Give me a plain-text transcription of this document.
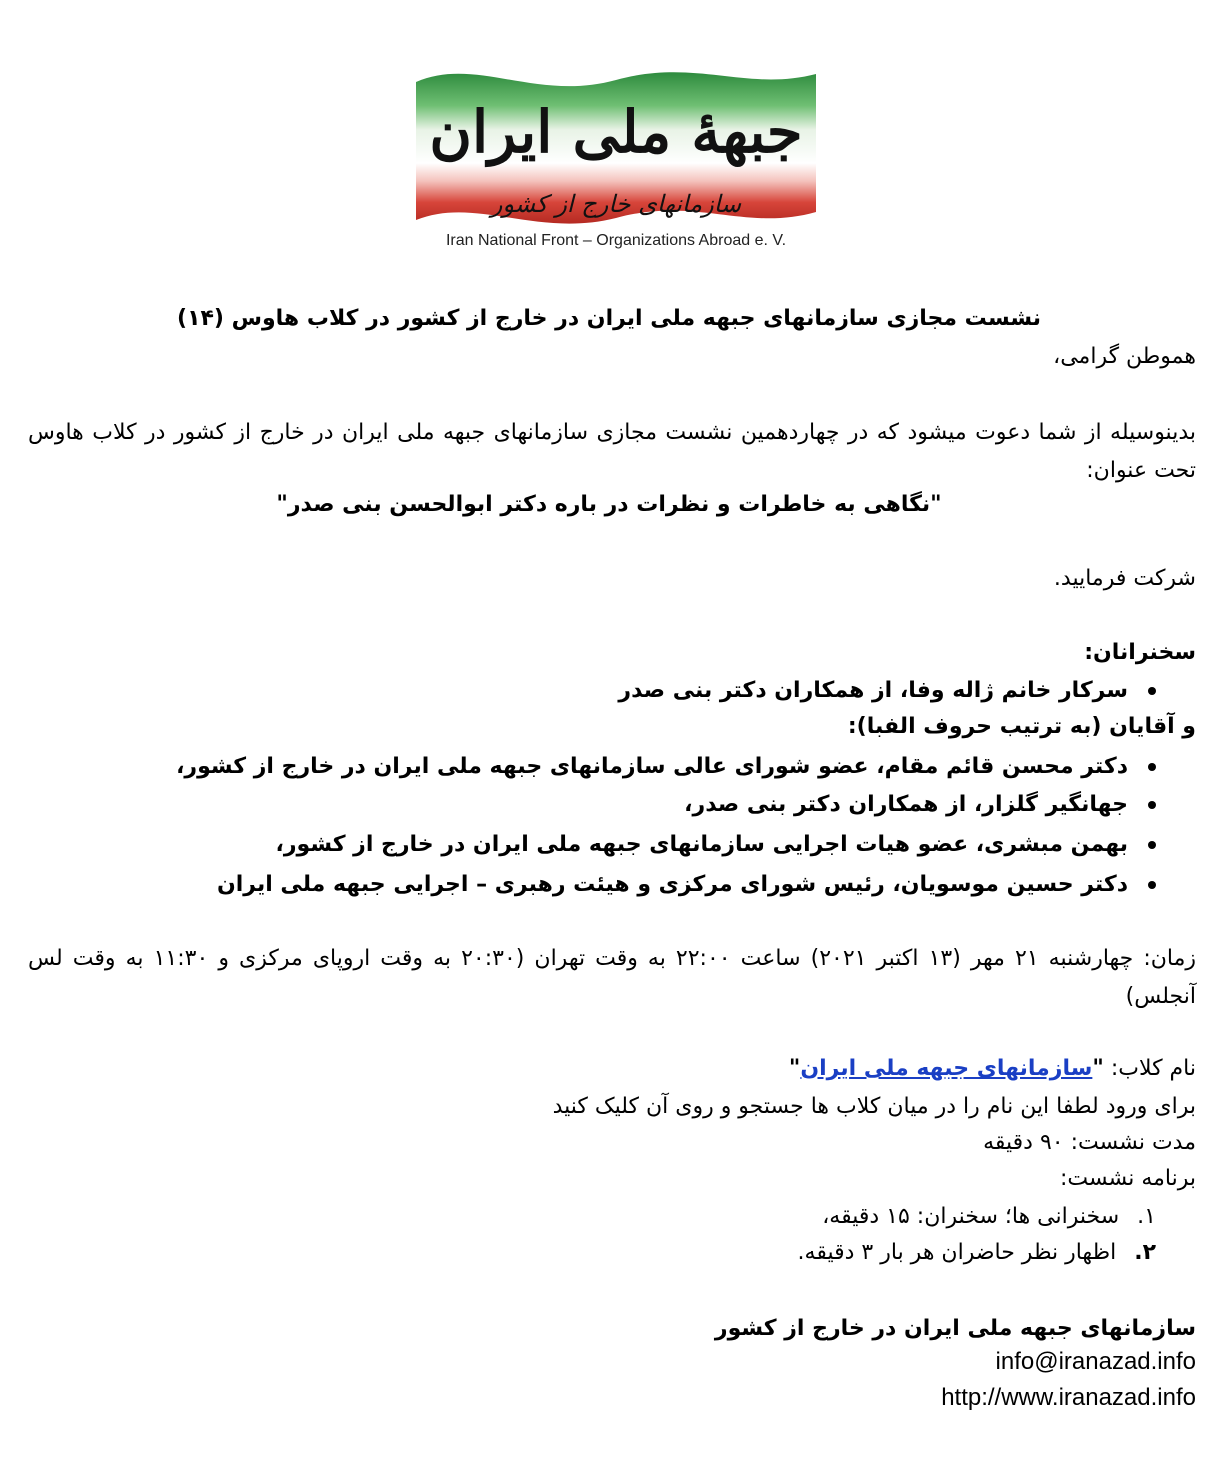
جبههٔ ملی ایران
سازمانهای خارج از کشور
Iran National Front – Organizations Abroad e. V.
نشست مجازی سازمانهای جبهه ملی ایران در خارج از کشور در کلاب هاوس (۱۴)
هموطن گرامی،
بدینوسیله از شما دعوت میشود که در چهاردهمین نشست مجازی سازمانهای جبهه ملی ایران در خارج از کشور در کلاب هاوس تحت عنوان:
"نگاهی به خاطرات و نظرات در باره دکتر ابوالحسن بنی صدر"
شرکت فرمایید.
سخنرانان:
سرکار خانم ژاله وفا، از همکاران دکتر بنی صدر
و آقایان (به ترتیب حروف الفبا):
دکتر محسن قائم مقام، عضو شورای عالی سازمانهای جبهه ملی ایران در خارج از کشور،
جهانگیر گلزار، از همکاران دکتر بنی صدر،
بهمن مبشری، عضو هیات اجرایی سازمانهای جبهه ملی ایران در خارج از کشور،
دکتر حسین موسویان، رئیس شورای مرکزی و هیئت رهبری – اجرایی جبهه ملی ایران
زمان: چهارشنبه ۲۱ مهر (۱۳ اکتبر ۲۰۲۱) ساعت ۲۲:۰۰ به وقت تهران (۲۰:۳۰ به وقت اروپای مرکزی و ۱۱:۳۰ به وقت لس آنجلس)
نام کلاب: "سازمانهای جبهه ملی ایران"
برای ورود لطفا این نام را در میان کلاب ها جستجو و روی آن کلیک کنید
مدت نشست: ۹۰ دقیقه
برنامه نشست:
۱.سخنرانی ها؛ سخنران: ۱۵ دقیقه،
۲.اظهار نظر حاضران هر بار ۳ دقیقه.
سازمانهای جبهه ملی ایران در خارج از کشور
info@iranazad.info
http://www.iranazad.info
